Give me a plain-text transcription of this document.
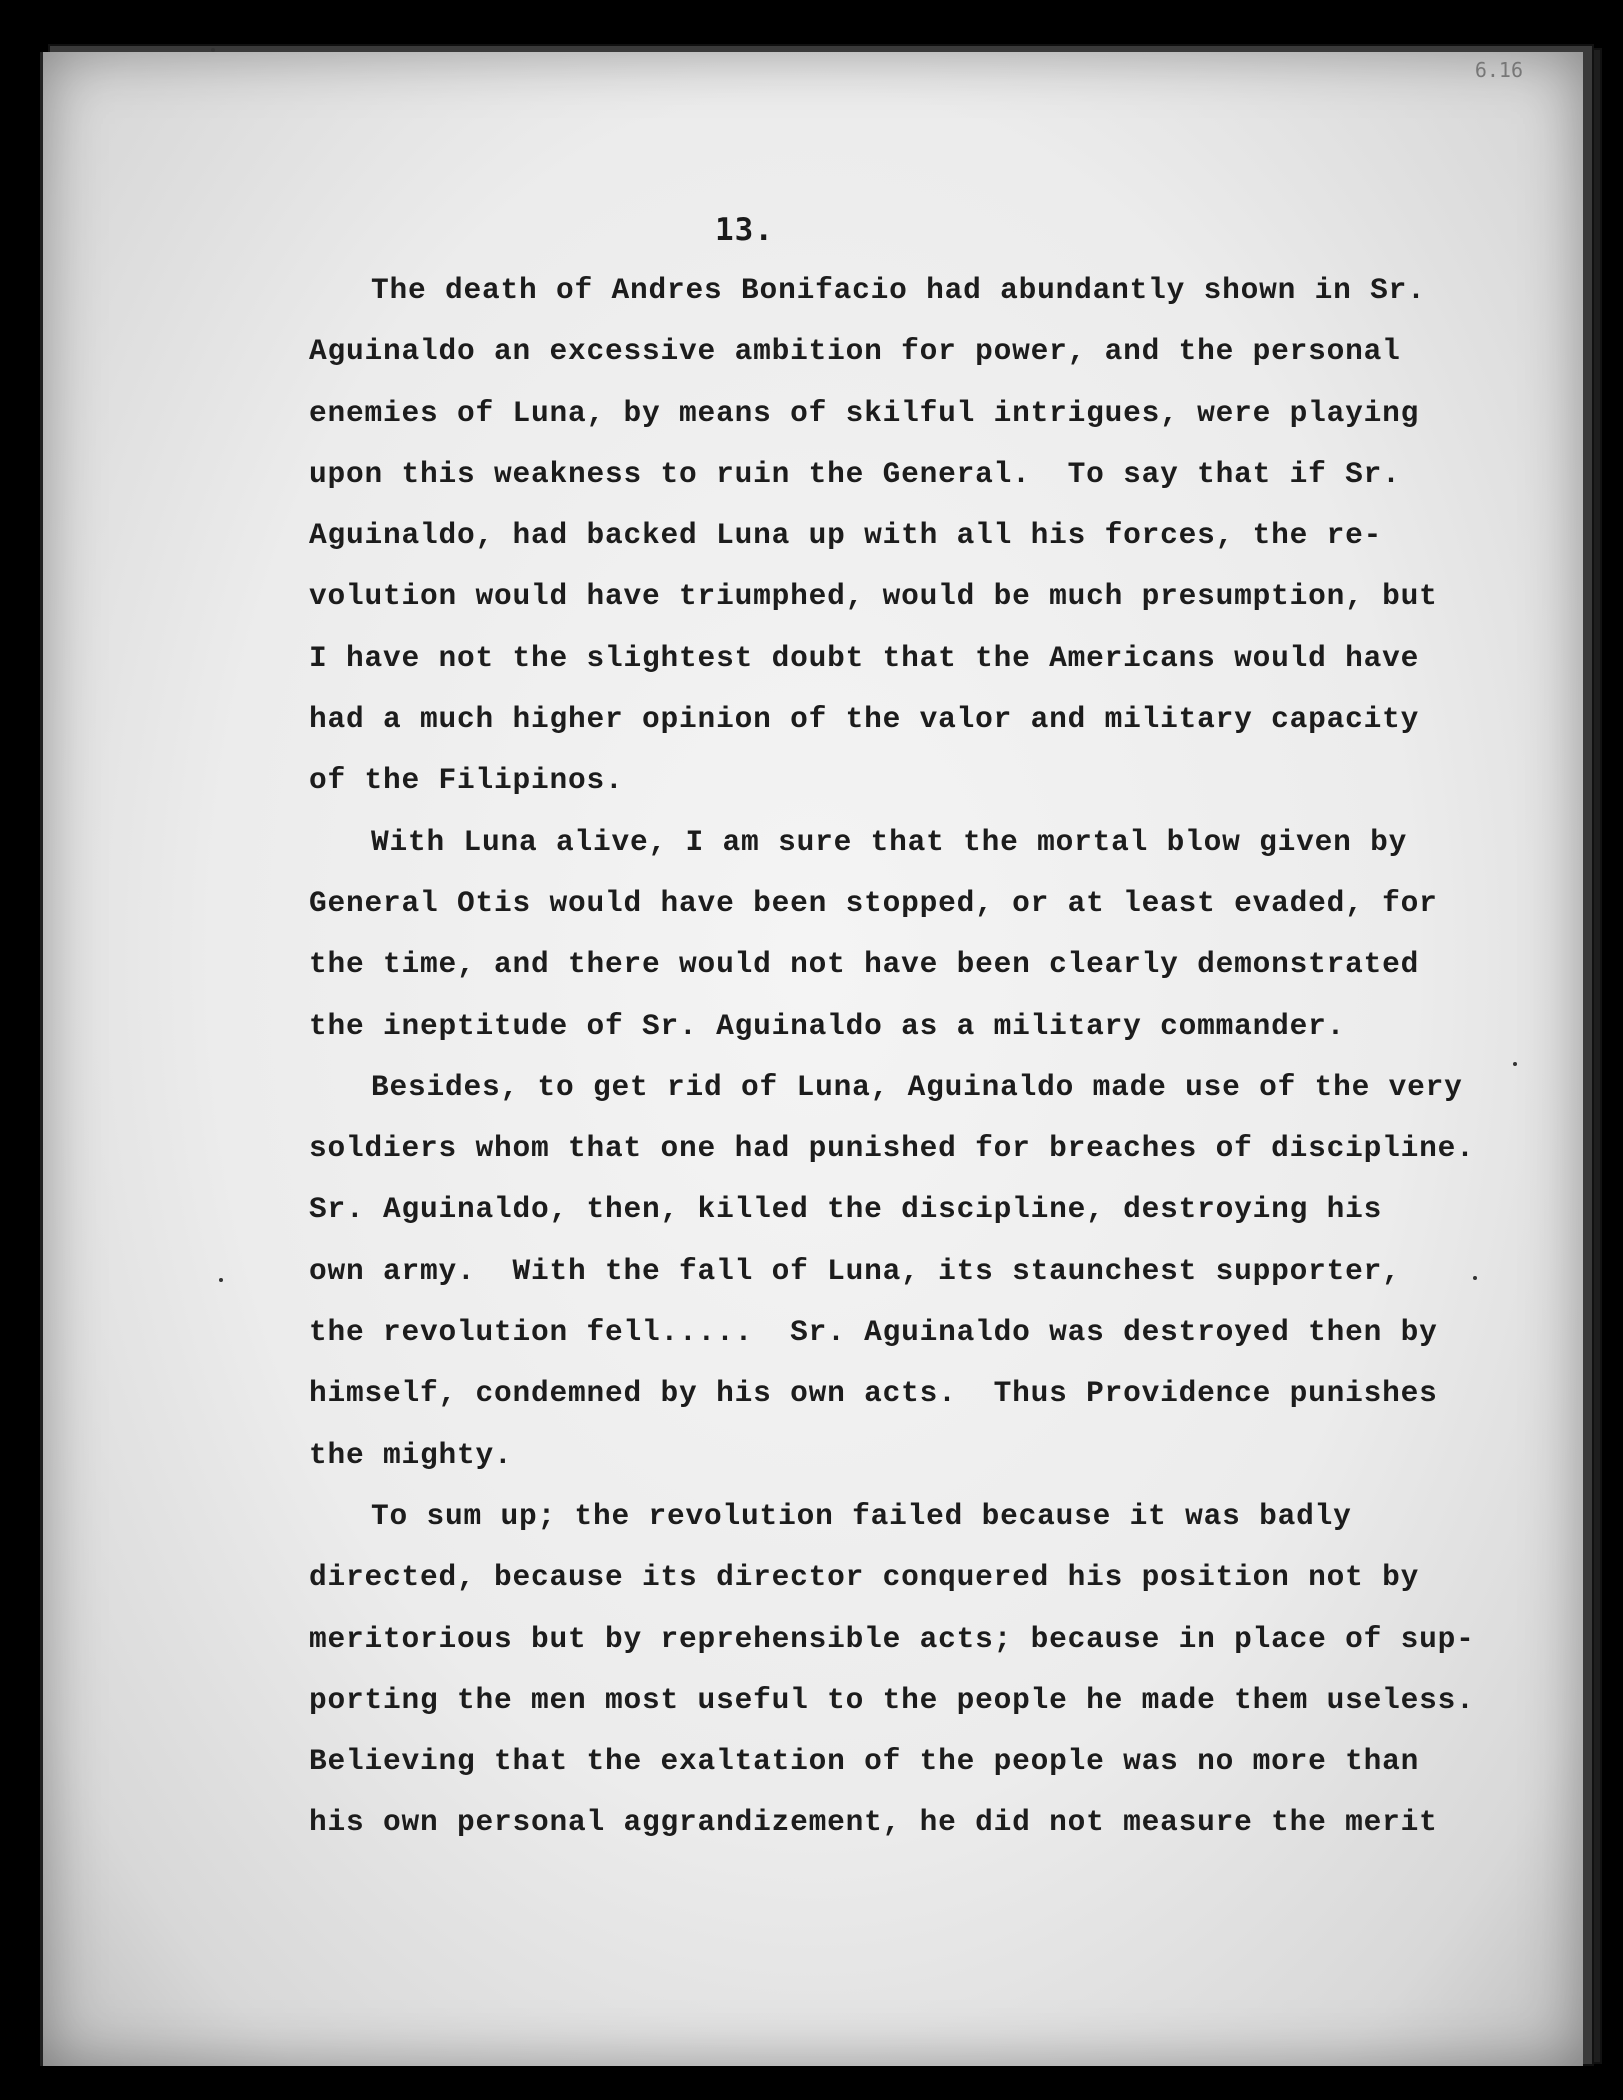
6.16
13.
The death of Andres Bonifacio had abundantly shown in Sr.
Aguinaldo an excessive ambition for power, and the personal
enemies of Luna, by means of skilful intrigues, were playing
upon this weakness to ruin the General.  To say that if Sr.
Aguinaldo, had backed Luna up with all his forces, the re-
volution would have triumphed, would be much presumption, but
I have not the slightest doubt that the Americans would have
had a much higher opinion of the valor and military capacity
of the Filipinos.
With Luna alive, I am sure that the mortal blow given by
General Otis would have been stopped, or at least evaded, for
the time, and there would not have been clearly demonstrated
the ineptitude of Sr. Aguinaldo as a military commander.
Besides, to get rid of Luna, Aguinaldo made use of the very
soldiers whom that one had punished for breaches of discipline.
Sr. Aguinaldo, then, killed the discipline, destroying his
own army.  With the fall of Luna, its staunchest supporter,
the revolution fell.....  Sr. Aguinaldo was destroyed then by
himself, condemned by his own acts.  Thus Providence punishes
the mighty.
To sum up; the revolution failed because it was badly
directed, because its director conquered his position not by
meritorious but by reprehensible acts; because in place of sup-
porting the men most useful to the people he made them useless.
Believing that the exaltation of the people was no more than
his own personal aggrandizement, he did not measure the merit
